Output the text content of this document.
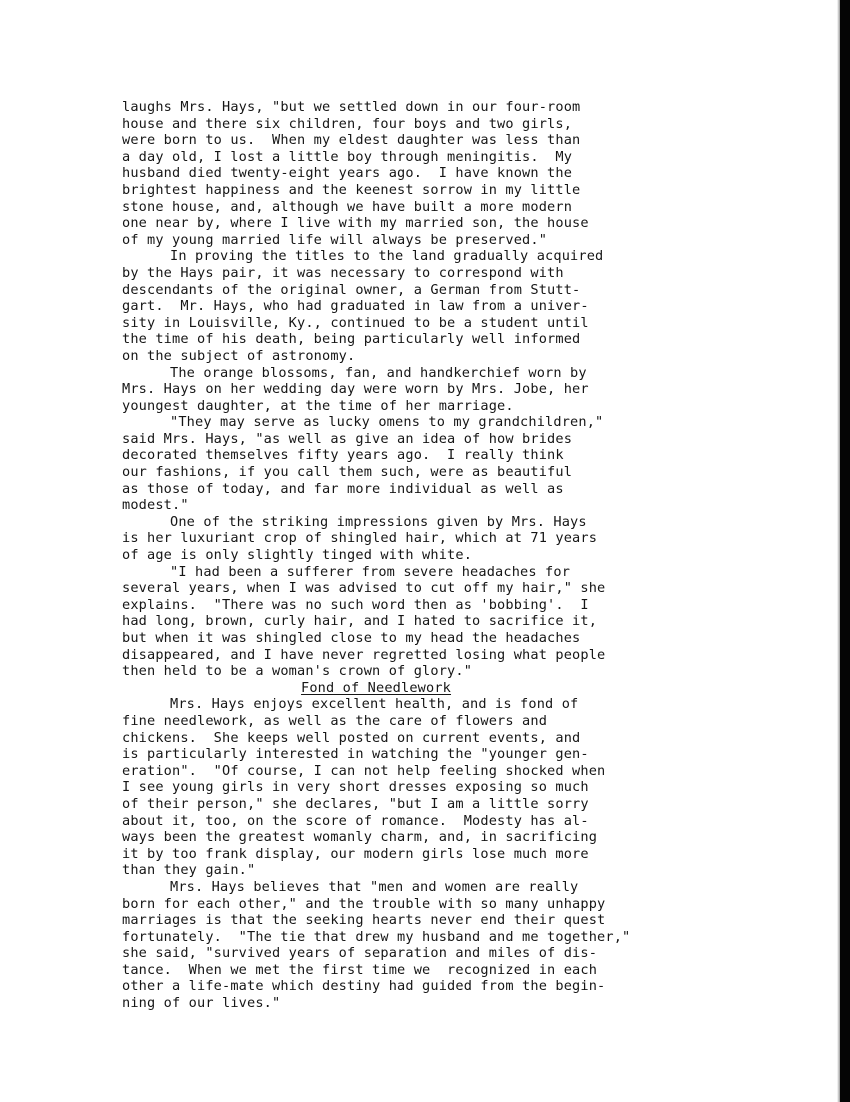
laughs Mrs. Hays, "but we settled down in our four-room
house and there six children, four boys and two girls,
were born to us.  When my eldest daughter was less than
a day old, I lost a little boy through meningitis.  My
husband died twenty-eight years ago.  I have known the
brightest happiness and the keenest sorrow in my little
stone house, and, although we have built a more modern
one near by, where I live with my married son, the house
of my young married life will always be preserved."
In proving the titles to the land gradually acquired
by the Hays pair, it was necessary to correspond with
descendants of the original owner, a German from Stutt-
gart.  Mr. Hays, who had graduated in law from a univer-
sity in Louisville, Ky., continued to be a student until
the time of his death, being particularly well informed
on the subject of astronomy.
The orange blossoms, fan, and handkerchief worn by
Mrs. Hays on her wedding day were worn by Mrs. Jobe, her
youngest daughter, at the time of her marriage.
"They may serve as lucky omens to my grandchildren,"
said Mrs. Hays, "as well as give an idea of how brides
decorated themselves fifty years ago.  I really think
our fashions, if you call them such, were as beautiful
as those of today, and far more individual as well as
modest."
One of the striking impressions given by Mrs. Hays
is her luxuriant crop of shingled hair, which at 71 years
of age is only slightly tinged with white.
"I had been a sufferer from severe headaches for
several years, when I was advised to cut off my hair," she
explains.  "There was no such word then as 'bobbing'.  I
had long, brown, curly hair, and I hated to sacrifice it,
but when it was shingled close to my head the headaches
disappeared, and I have never regretted losing what people
then held to be a woman's crown of glory."
Fond of Needlework
Mrs. Hays enjoys excellent health, and is fond of
fine needlework, as well as the care of flowers and
chickens.  She keeps well posted on current events, and
is particularly interested in watching the "younger gen-
eration".  "Of course, I can not help feeling shocked when
I see young girls in very short dresses exposing so much
of their person," she declares, "but I am a little sorry
about it, too, on the score of romance.  Modesty has al-
ways been the greatest womanly charm, and, in sacrificing
it by too frank display, our modern girls lose much more
than they gain."
Mrs. Hays believes that "men and women are really
born for each other," and the trouble with so many unhappy
marriages is that the seeking hearts never end their quest
fortunately.  "The tie that drew my husband and me together,"
she said, "survived years of separation and miles of dis-
tance.  When we met the first time we  recognized in each
other a life-mate which destiny had guided from the begin-
ning of our lives."
